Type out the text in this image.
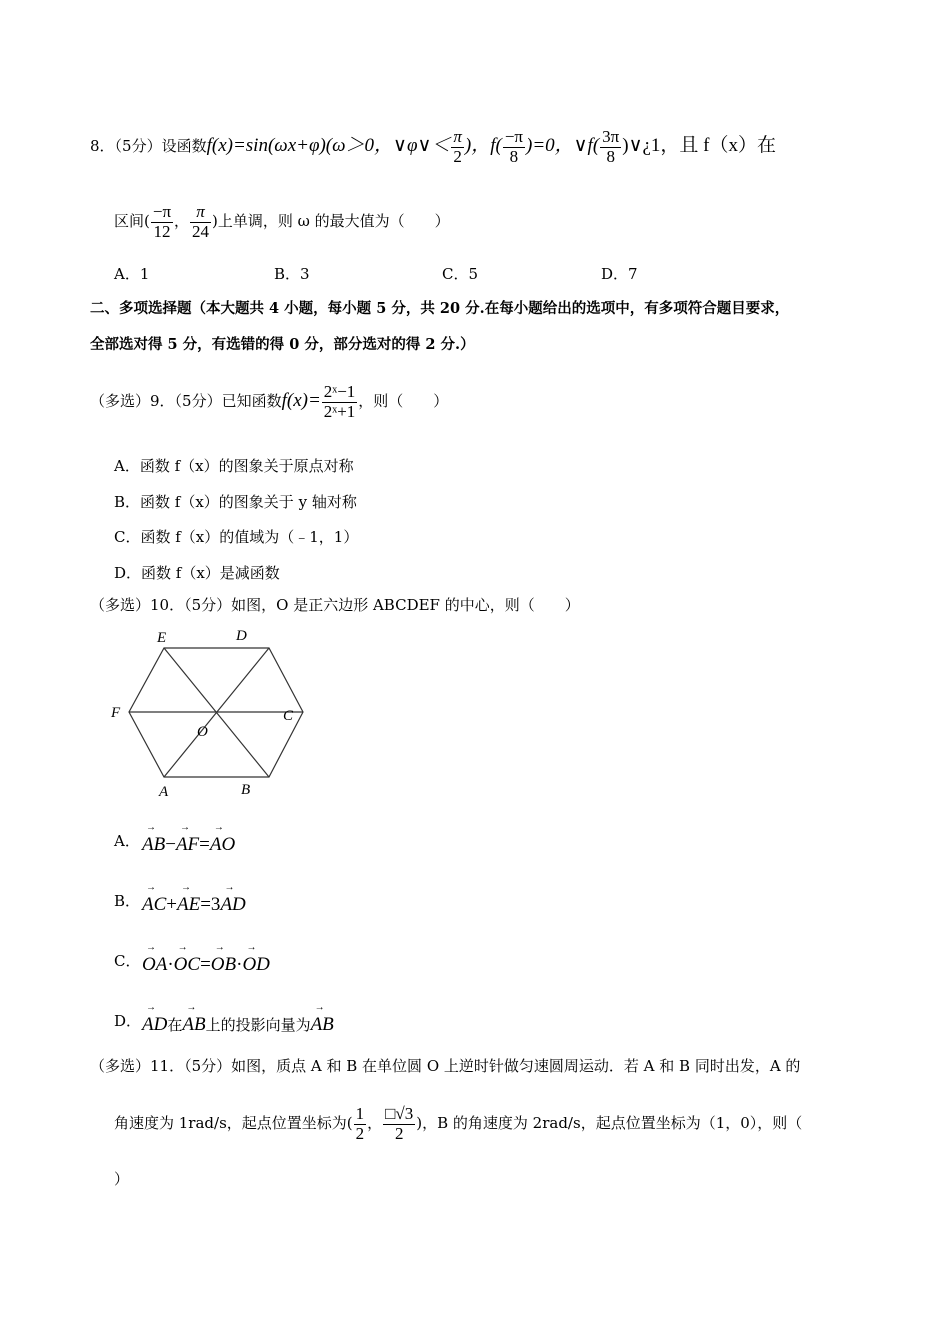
8．（5分）设函数f(x)=sin(ωx+φ)(ω＞0，∨φ∨＜ $\frac{\pi}{2}$ )，$f( \frac{-\pi}{8} )=0$，∨f( $\frac{3\pi}{8}$ )∨¿1，且 f（x）在
区间( $\frac{-\pi}{12}$ ， $\frac{\pi}{24}$ )上单调，则 ω 的最大值为（　　）
A．1	B．3	C．5	D．7
二、多项选择题（本大题共 4 小题，每小题 5 分，共 20 分.在每小题给出的选项中，有多项符合题目要求，
全部选对得 5 分，有选错的得 0 分，部分选对的得 2 分.）
（多选）9．（5分）已知函数$f(x)= \frac{\text{2ˣ−1}}{\text{2ˣ+1}}$ ，则（　　）
A．函数 f（x）的图象关于原点对称
B．函数 f（x）的图象关于 y 轴对称
C．函数 f（x）的值域为（﹣1，1）
D．函数 f（x）是减函数
（多选）10．（5分）如图，O 是正六边形 ABCDEF 的中心，则（　　）
E	D
F	C
O
A	B
A． → AB−→ AF=→ AO
B． → AC+→ AE=3→ AD
C． → OA·→ OC=→ OB·→ OD
D． → AD在→ AB上的投影向量为→ AB
（多选）11．（5分）如图，质点 A 和 B 在单位圆 O 上逆时针做匀速圆周运动．若 A 和 B 同时出发，A 的
角速度为 1rad/s，起点位置坐标为( $\frac{1}{2}$ ， $\frac{□√3}{2}$ )，B 的角速度为 2rad/s，起点位置坐标为（1，0），则（
）
